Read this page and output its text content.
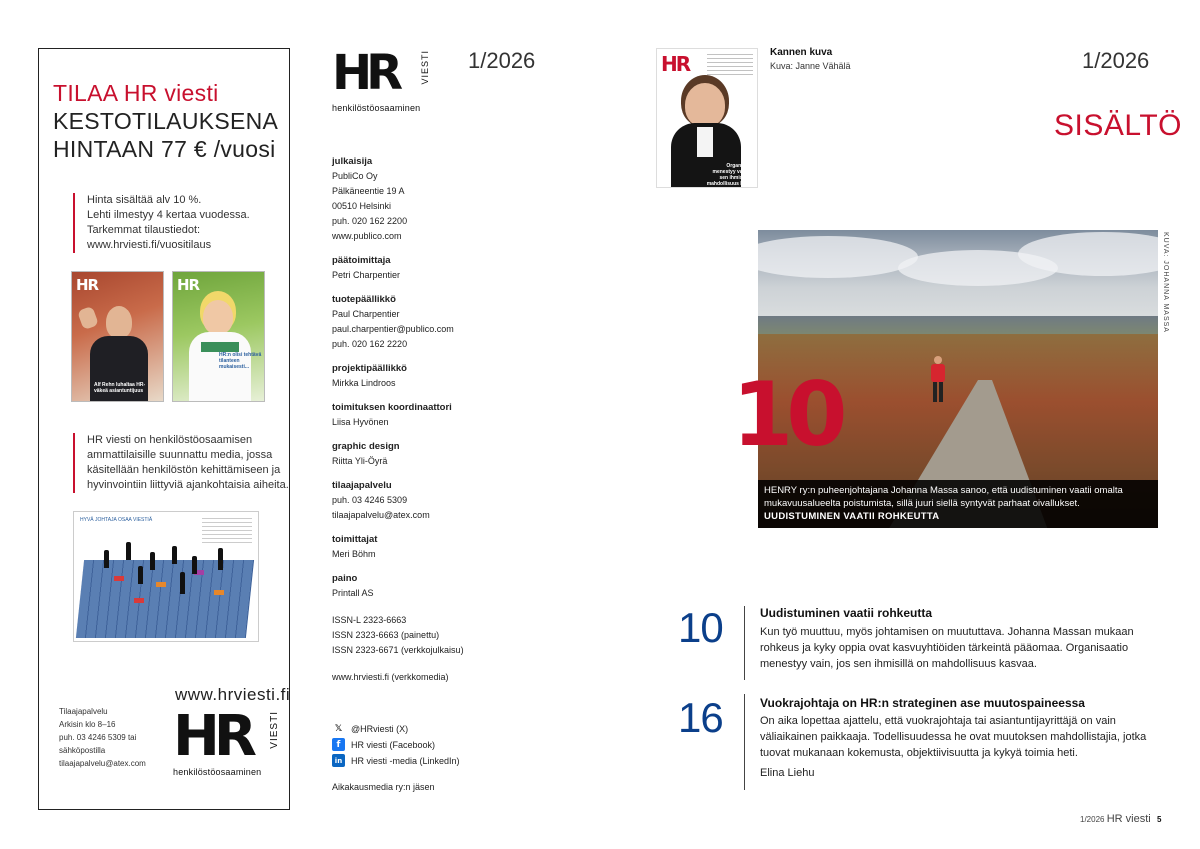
TILAA HR viesti
KESTOTILAUKSENA
HINTAAN 77 € /vuosi
Hinta sisältää alv 10 %.
Lehti ilmestyy 4 kertaa vuodessa.
Tarkemmat tilaustiedot:
www.hrviesti.fi/vuositilaus
HR
Alf Rehn luhaltaa HR-väkeä asiantuntijuus
HR
HR:n olisi tehtävä tilanteen mukaisesti...
HR viesti on henkilöstöosaamisen
ammattilaisille suunnattu media, jossa
käsitellään henkilöstön kehittämiseen ja
hyvinvointiin liittyviä ajankohtaisia aiheita.
HYVÄ JOHTAJA OSAA VIESTIÄ
www.hrviesti.fi
Tilaajapalvelu
Arkisin klo 8–16
puh. 03 4246 5309 tai
sähköpostilla
tilaajapalvelu@atex.com HR	VIESTI
henkilöstöosaaminen
HR	VIESTI
henkilöstöosaaminen
1/2026
julkaisija
PubliCo Oy
Pälkäneentie 19 A
00510 Helsinki
puh. 020 162 2200
www.publico.com
päätoimittaja
Petri Charpentier
tuotepäällikkö
Paul Charpentier
paul.charpentier@publico.com
puh. 020 162 2220
projektipäällikkö
Mirkka Lindroos
toimituksen koordinaattori
Liisa Hyvönen
graphic design
Riitta Yli-Öyrä
tilaajapalvelu
puh. 03 4246 5309
tilaajapalvelu@atex.com
toimittajat
Meri Böhm
paino
Printall AS
ISSN-L 2323-6663
ISSN 2323-6663 (painettu)
ISSN 2323-6671 (verkkojulkaisu)
www.hrviesti.fi (verkkomedia)
𝕏 @HRviesti (X)
f	HR viesti (Facebook)
in HR viesti -media (LinkedIn)
Aikakausmedia ry:n jäsen
HR
Organisaatio menestyy vain, jos sen ihmisillä on mahdollisuus kasvaa
Kannen kuva
Kuva: Janne Vähälä	1/2026
SISÄLTÖ
KUVA: JOHANNA MASSA
10
HENRY ry:n puheenjohtajana Johanna Massa sanoo, että uudistuminen vaatii omalta mukavuusalueelta poistumista, sillä juuri siellä syntyvät parhaat oivallukset.
UUDISTUMINEN VAATII ROHKEUTTA
10	Uudistuminen vaatii rohkeutta
Kun työ muuttuu, myös johtamisen on muututtava. Johanna Massan mukaan rohkeus ja kyky oppia ovat kasvuyhtiöiden tärkeintä pääomaa. Organisaatio menestyy vain, jos sen ihmisillä on mahdollisuus kasvaa.
16	Vuokrajohtaja on HR:n strateginen ase muutospaineessa
On aika lopettaa ajattelu, että vuokrajohtaja tai asiantuntijayrittäjä on vain väliaikainen paikkaaja. Todellisuudessa he ovat muutoksen mahdollistajia, jotka tuovat mukanaan kokemusta, objektiivisuutta ja kykyä toimia heti.
Elina Liehu
1/2026 HR viesti 5
